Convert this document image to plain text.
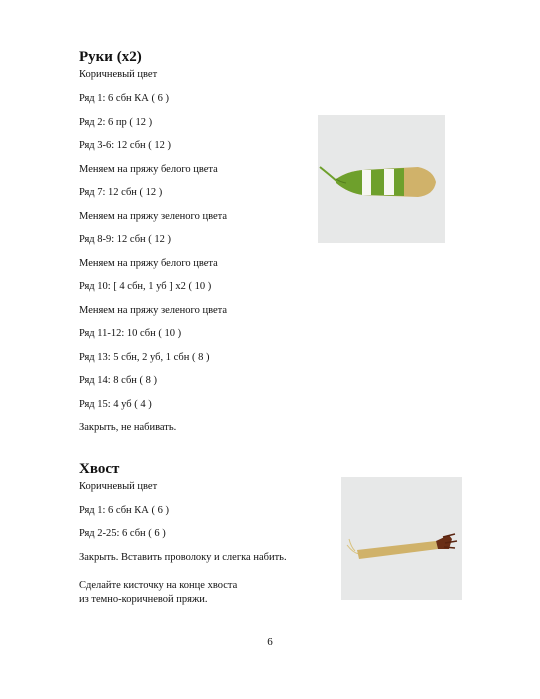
Руки (х2)
Коричневый цвет
Ряд 1: 6 сбн КА ( 6 )
Ряд 2: 6 пр ( 12 )
Ряд 3-6: 12 сбн ( 12 )
Меняем на пряжу белого цвета
Ряд 7: 12 сбн ( 12 )
Меняем на пряжу зеленого цвета
Ряд 8-9: 12 сбн ( 12 )
Меняем на пряжу белого цвета
Ряд 10: [ 4 сбн, 1 уб ] х2 ( 10 )
Меняем на пряжу зеленого цвета
Ряд 11-12: 10 сбн ( 10 )
Ряд 13: 5 сбн, 2 уб, 1 сбн ( 8 )
Ряд 14: 8 сбн ( 8 )
Ряд 15: 4 уб ( 4 )
Закрыть, не набивать.
Хвост
Коричневый цвет
Ряд 1: 6 сбн КА ( 6 )
Ряд 2-25: 6 сбн ( 6 )
Закрыть. Вставить проволоку и слегка набить.
Сделайте кисточку на конце хвоста
из темно-коричневой пряжи.
6
